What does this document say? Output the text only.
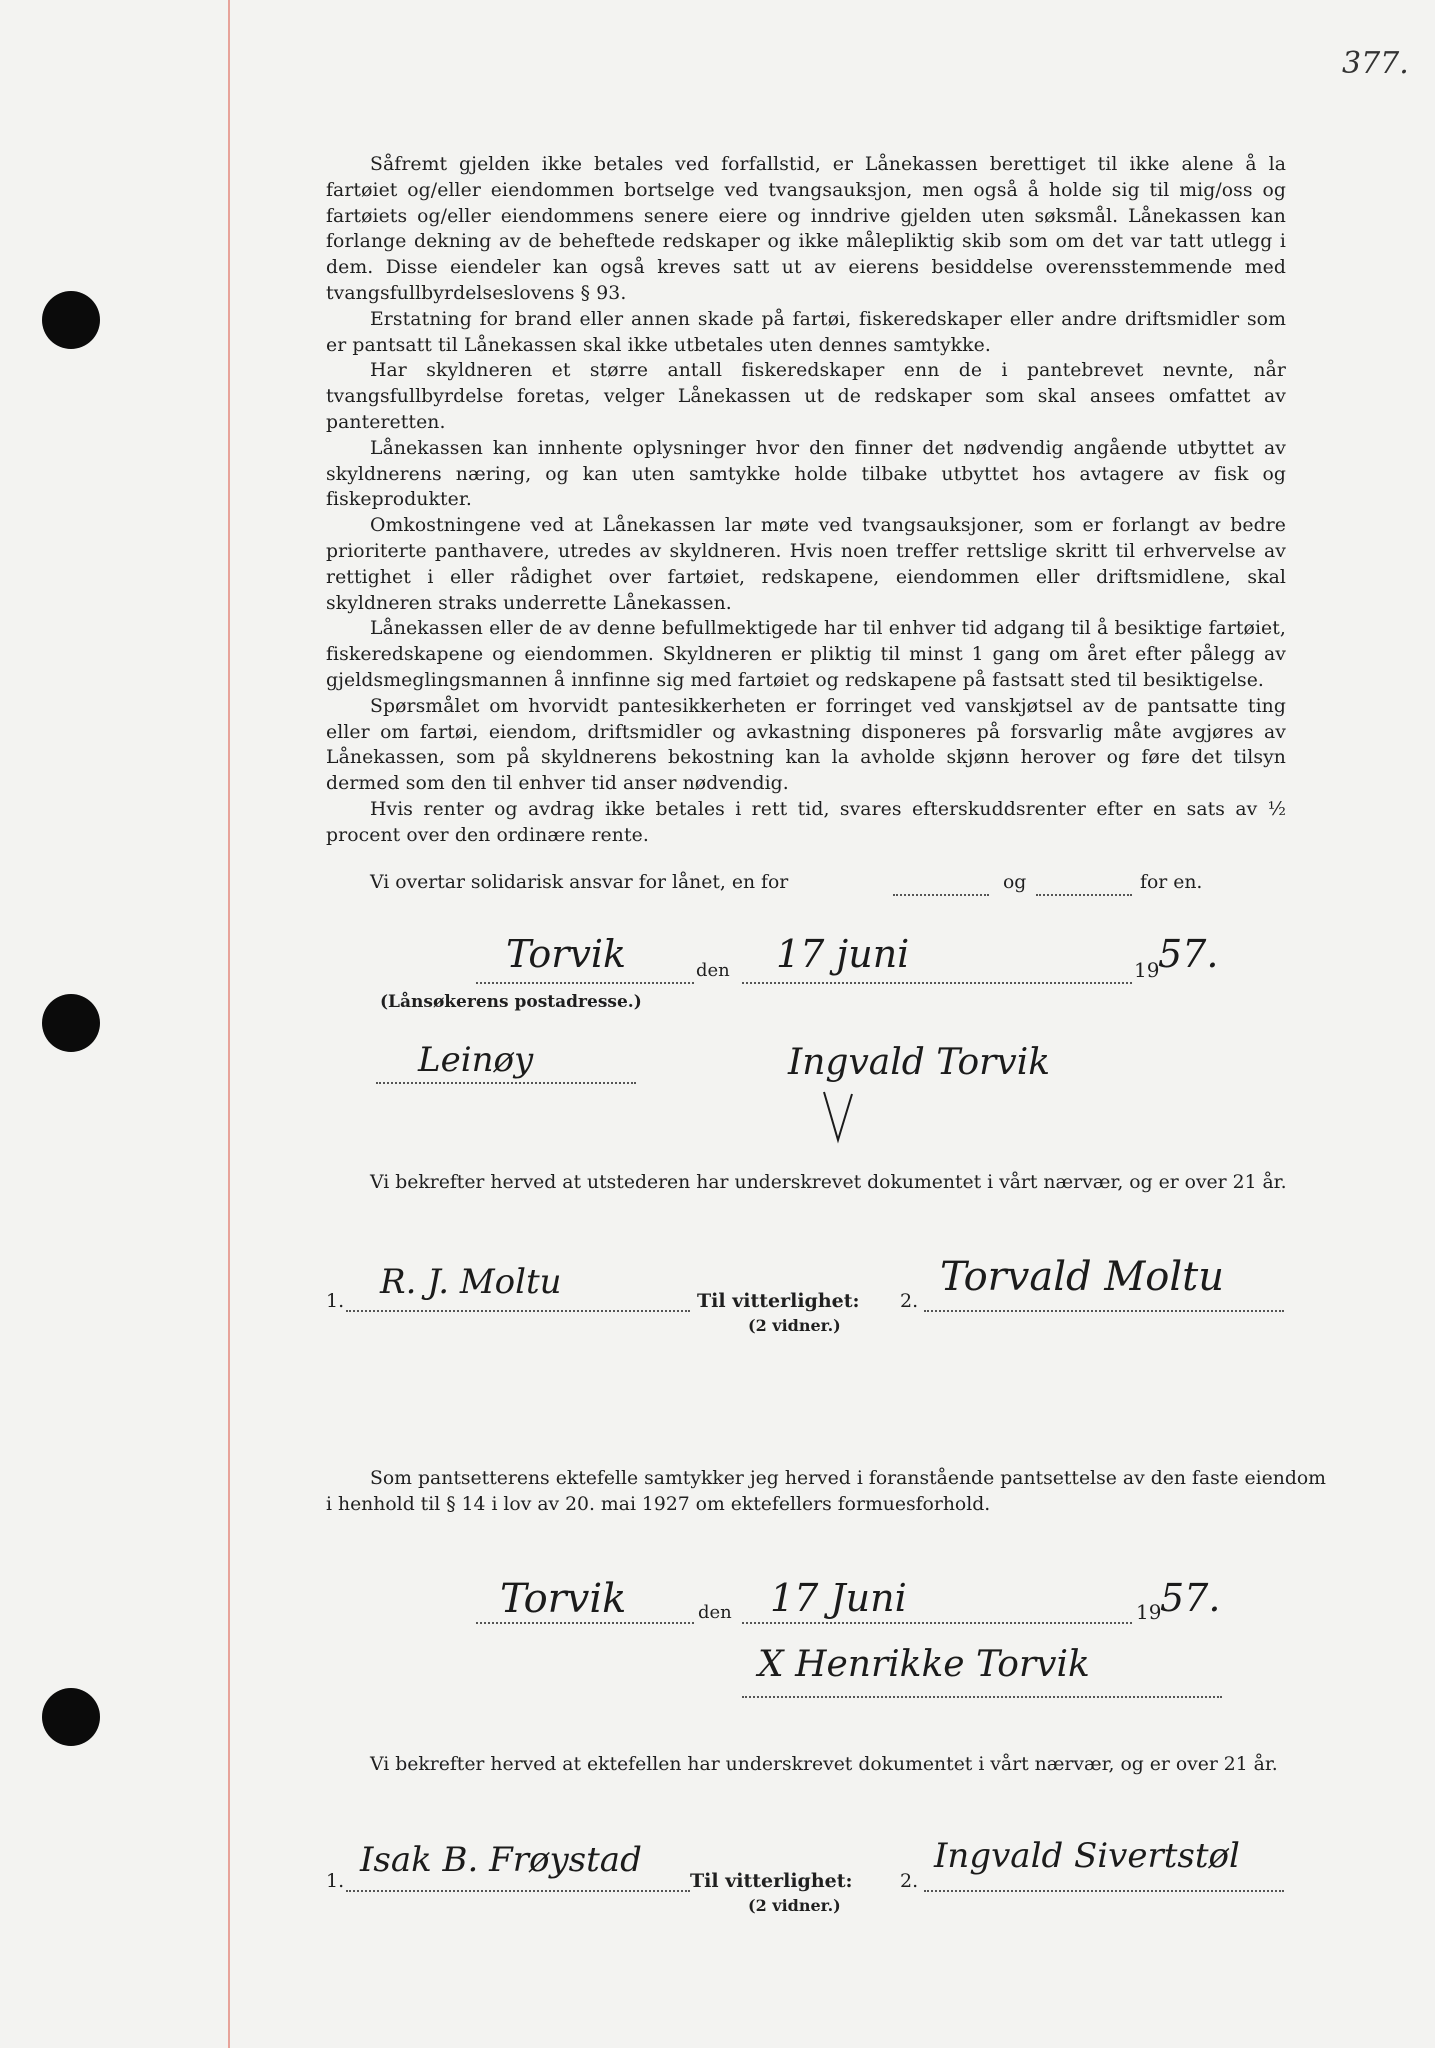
377.

Såfremt gjelden ikke betales ved forfallstid, er Lånekassen berettiget til ikke alene å la fartøiet og/eller eiendommen bortselge ved tvangsauksjon, men også å holde sig til mig/oss og fartøiets og/eller eiendommens senere eiere og inndrive gjelden uten søksmål. Lånekassen kan forlange dekning av de beheftede redskaper og ikke målepliktig skib som om det var tatt utlegg i dem. Disse eiendeler kan også kreves satt ut av eierens besiddelse overensstemmende med tvangsfullbyrdelseslovens § 93.

Erstatning for brand eller annen skade på fartøi, fiskeredskaper eller andre driftsmidler som er pantsatt til Lånekassen skal ikke utbetales uten dennes samtykke.

Har skyldneren et større antall fiskeredskaper enn de i pantebrevet nevnte, når tvangsfullbyrdelse foretas, velger Lånekassen ut de redskaper som skal ansees omfattet av panteretten.

Lånekassen kan innhente oplysninger hvor den finner det nødvendig angående utbyttet av skyldnerens næring, og kan uten samtykke holde tilbake utbyttet hos avtagere av fisk og fiskeprodukter.

Omkostningene ved at Lånekassen lar møte ved tvangsauksjoner, som er forlangt av bedre prioriterte panthavere, utredes av skyldneren. Hvis noen treffer rettslige skritt til erhvervelse av rettighet i eller rådighet over fartøiet, redskapene, eiendommen eller driftsmidlene, skal skyldneren straks underrette Lånekassen.

Lånekassen eller de av denne befullmektigede har til enhver tid adgang til å besiktige fartøiet, fiskeredskapene og eiendommen. Skyldneren er pliktig til minst 1 gang om året efter pålegg av gjeldsmeglingsmannen å innfinne sig med fartøiet og redskapene på fastsatt sted til besiktigelse.

Spørsmålet om hvorvidt pantesikkerheten er forringet ved vanskjøtsel av de pantsatte ting eller om fartøi, eiendom, driftsmidler og avkastning disponeres på forsvarlig måte avgjøres av Lånekassen, som på skyldnerens bekostning kan la avholde skjønn herover og føre det tilsyn dermed som den til enhver tid anser nødvendig.

Hvis renter og avdrag ikke betales i rett tid, svares efterskuddsrenter efter en sats av ½ procent over den ordinære rente.

Vi overtar solidarisk ansvar for lånet, en for	og	for en.
Torvik	den 17 juni	19
57.
(Lånsøkerens postadresse.)
Leinøy	Ingvald Torvik

Vi bekrefter herved at utstederen har underskrevet dokumentet i vårt nærvær, og er over 21 år.

1. R. J. Moltu	Til vitterlighet:
(2 vidner.)
2.
Torvald Moltu

Som pantsetterens ektefelle samtykker jeg herved i foranstående pantsettelse av den faste eiendom i henhold til § 14 i lov av 20. mai 1927 om ektefellers formuesforhold.

Torvik	den 17 Juni	19
57.
X Henrikke Torvik

Vi bekrefter herved at ektefellen har underskrevet dokumentet i vårt nærvær, og er over 21 år.

1.
Isak B. Frøystad
Til vitterlighet:
(2 vidner.)
2.
Ingvald Sivertstøl
